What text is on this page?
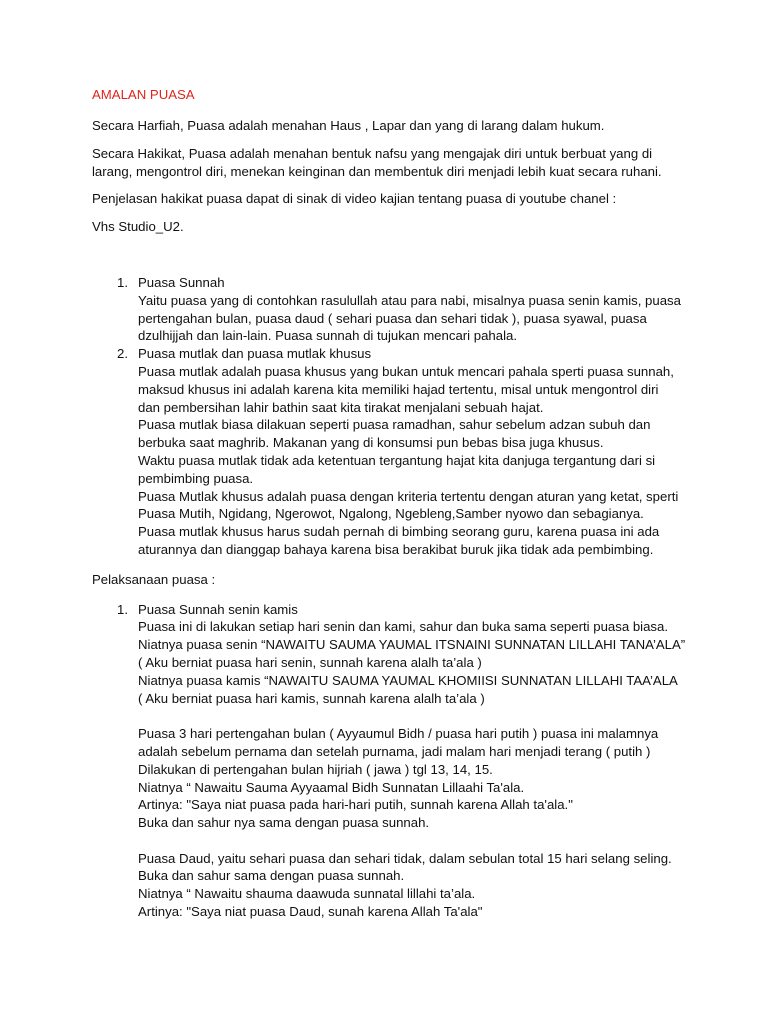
AMALAN PUASA

Secara Harfiah, Puasa adalah menahan Haus , Lapar dan yang di larang dalam hukum.

Secara Hakikat, Puasa adalah menahan bentuk nafsu yang mengajak diri untuk berbuat yang di
larang, mengontrol diri, menekan keinginan dan membentuk diri menjadi lebih kuat secara ruhani.

Penjelasan hakikat puasa dapat di sinak di video kajian tentang puasa di youtube chanel :

Vhs Studio_U2.

1. Puasa Sunnah
Yaitu puasa yang di contohkan rasulullah atau para nabi, misalnya puasa senin kamis, puasa
pertengahan bulan, puasa daud ( sehari puasa dan sehari tidak ), puasa syawal, puasa
dzulhijjah dan lain-lain. Puasa sunnah di tujukan mencari pahala.
2. Puasa mutlak dan puasa mutlak khusus
Puasa mutlak adalah puasa khusus yang bukan untuk mencari pahala sperti puasa sunnah,
maksud khusus ini adalah karena kita memiliki hajad tertentu, misal untuk mengontrol diri
dan pembersihan lahir bathin saat kita tirakat menjalani sebuah hajat.
Puasa mutlak biasa dilakuan seperti puasa ramadhan, sahur sebelum adzan subuh dan
berbuka saat maghrib. Makanan yang di konsumsi pun bebas bisa juga khusus.
Waktu puasa mutlak tidak ada ketentuan tergantung hajat kita danjuga tergantung dari si
pembimbing puasa.
Puasa Mutlak khusus adalah puasa dengan kriteria tertentu dengan aturan yang ketat, sperti
Puasa Mutih, Ngidang, Ngerowot, Ngalong, Ngebleng,Samber nyowo dan sebagianya.
Puasa mutlak khusus harus sudah pernah di bimbing seorang guru, karena puasa ini ada
aturannya dan dianggap bahaya karena bisa berakibat buruk jika tidak ada pembimbing.

Pelaksanaan puasa :

1. Puasa Sunnah senin kamis
Puasa ini di lakukan setiap hari senin dan kami, sahur dan buka sama seperti puasa biasa.
Niatnya puasa senin “NAWAITU SAUMA YAUMAL ITSNAINI SUNNATAN LILLAHI TANA’ALA”
( Aku berniat puasa hari senin, sunnah karena alalh ta’ala )
Niatnya puasa kamis “NAWAITU SAUMA YAUMAL KHOMIISI SUNNATAN LILLAHI TAA’ALA
( Aku berniat puasa hari kamis, sunnah karena alalh ta’ala )
Puasa 3 hari pertengahan bulan ( Ayyaumul Bidh / puasa hari putih ) puasa ini malamnya
adalah sebelum pernama dan setelah purnama, jadi malam hari menjadi terang ( putih )
Dilakukan di pertengahan bulan hijriah ( jawa ) tgl 13, 14, 15.
Niatnya “ Nawaitu Sauma Ayyaamal Bidh Sunnatan Lillaahi Ta'ala.
Artinya: "Saya niat puasa pada hari-hari putih, sunnah karena Allah ta'ala."
Buka dan sahur nya sama dengan puasa sunnah.
Puasa Daud, yaitu sehari puasa dan sehari tidak, dalam sebulan total 15 hari selang seling.
Buka dan sahur sama dengan puasa sunnah.
Niatnya “ Nawaitu shauma daawuda sunnatal lillahi ta’ala.
Artinya: "Saya niat puasa Daud, sunah karena Allah Ta'ala"
